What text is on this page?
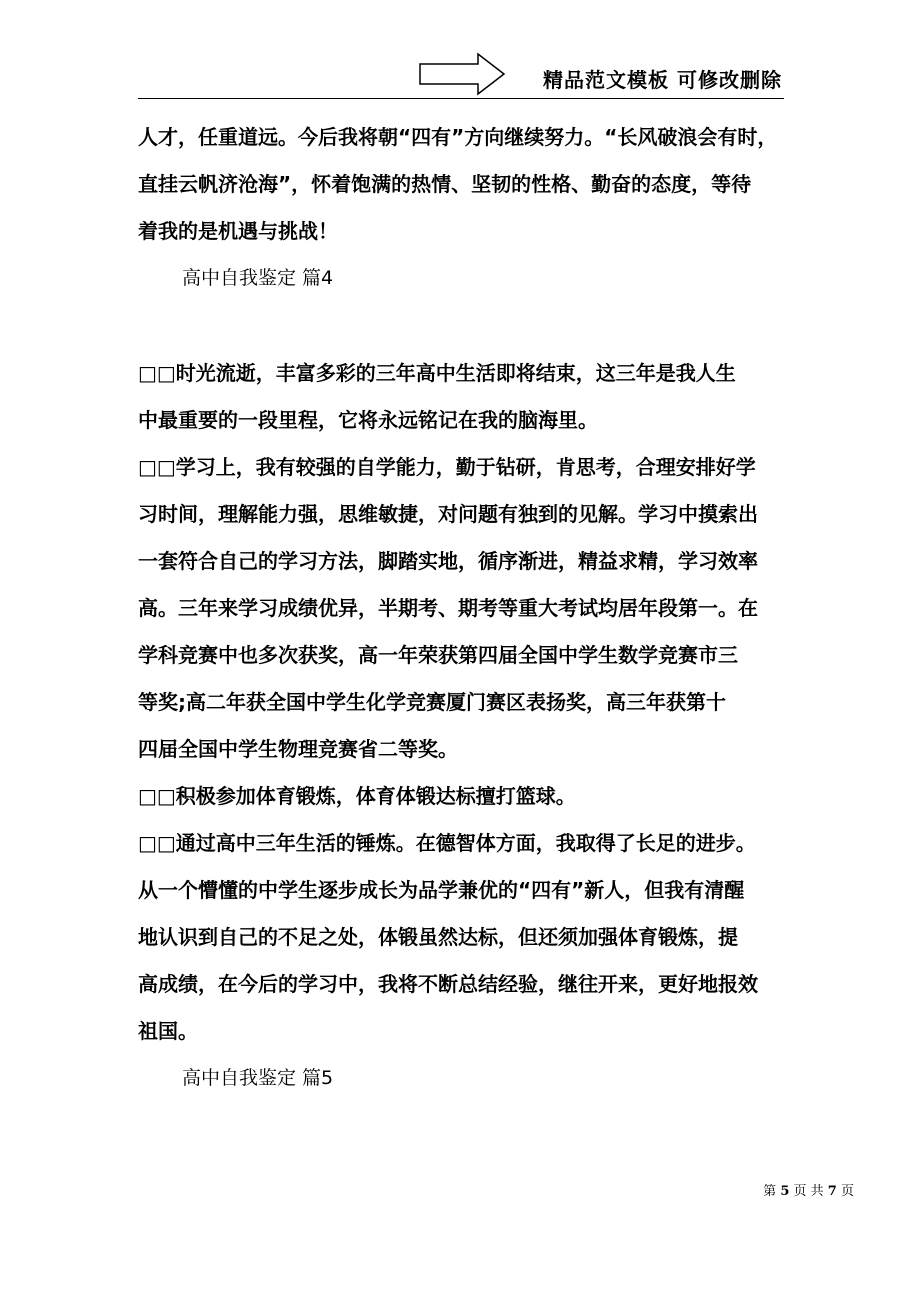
精品范文模板 可修改删除
人才，任重道远。今后我将朝“四有”方向继续努力。“长风破浪会有时，
直挂云帆济沧海”，怀着饱满的热情、坚韧的性格、勤奋的态度，等待
着我的是机遇与挑战！
高中自我鉴定 篇4
□□时光流逝，丰富多彩的三年高中生活即将结束，这三年是我人生
中最重要的一段里程，它将永远铭记在我的脑海里。
□□学习上，我有较强的自学能力，勤于钻研，肯思考，合理安排好学
习时间，理解能力强，思维敏捷，对问题有独到的见解。学习中摸索出
一套符合自己的学习方法，脚踏实地，循序渐进，精益求精，学习效率
高。三年来学习成绩优异，半期考、期考等重大考试均居年段第一。在
学科竞赛中也多次获奖，高一年荣获第四届全国中学生数学竞赛市三
等奖;高二年获全国中学生化学竞赛厦门赛区表扬奖，高三年获第十
四届全国中学生物理竞赛省二等奖。
□□积极参加体育锻炼，体育体锻达标擅打篮球。
□□通过高中三年生活的锤炼。在德智体方面，我取得了长足的进步。
从一个懵懂的中学生逐步成长为品学兼优的“四有”新人，但我有清醒
地认识到自己的不足之处，体锻虽然达标，但还须加强体育锻炼，提
高成绩，在今后的学习中，我将不断总结经验，继往开来，更好地报效
祖国。
高中自我鉴定 篇5
第 5 页 共 7 页
